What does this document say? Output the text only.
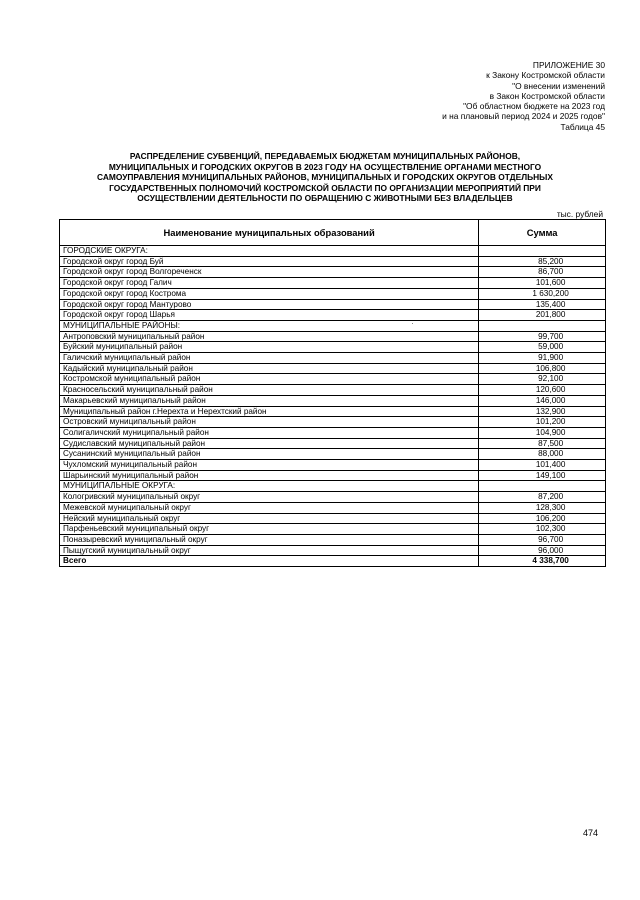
ПРИЛОЖЕНИЕ 30
к Закону Костромской области
"О внесении изменений
в Закон Костромской области
"Об областном бюджете на 2023 год
и на плановый период 2024 и 2025 годов"
Таблица 45
РАСПРЕДЕЛЕНИЕ СУБВЕНЦИЙ, ПЕРЕДАВАЕМЫХ БЮДЖЕТАМ МУНИЦИПАЛЬНЫХ РАЙОНОВ,
МУНИЦИПАЛЬНЫХ И ГОРОДСКИХ ОКРУГОВ В 2023 ГОДУ НА ОСУЩЕСТВЛЕНИЕ ОРГАНАМИ МЕСТНОГО
САМОУПРАВЛЕНИЯ МУНИЦИПАЛЬНЫХ РАЙОНОВ, МУНИЦИПАЛЬНЫХ И ГОРОДСКИХ ОКРУГОВ ОТДЕЛЬНЫХ
ГОСУДАРСТВЕННЫХ ПОЛНОМОЧИЙ КОСТРОМСКОЙ ОБЛАСТИ ПО ОРГАНИЗАЦИИ МЕРОПРИЯТИЙ ПРИ
ОСУЩЕСТВЛЕНИИ ДЕЯТЕЛЬНОСТИ ПО ОБРАЩЕНИЮ С ЖИВОТНЫМИ БЕЗ ВЛАДЕЛЬЦЕВ
тыс. рублей
Наименование муниципальных образований	Сумма
ГОРОДСКИЕ ОКРУГА:	
Городской округ город Буй	85,200
Городской округ город Волгореченск	86,700
Городской округ город Галич	101,600
Городской округ город Кострома	1 630,200
Городской округ город Мантурово	135,400
Городской округ город Шарья	201,800
МУНИЦИПАЛЬНЫЕ РАЙОНЫ:	
Антроповский муниципальный район	99,700
Буйский муниципальный район	59,000
Галичский муниципальный район	91,900
Кадыйский муниципальный район	106,800
Костромской муниципальный район	92,100
Красносельский муниципальный район	120,600
Макарьевский муниципальный район	146,000
Муниципальный район г.Нерехта и Нерехтский район	132,900
Островский муниципальный район	101,200
Солигаличский муниципальный район	104,900
Судиславский муниципальный район	87,500
Сусанинский муниципальный район	88,000
Чухломский муниципальный район	101,400
Шарьинский муниципальный район	149,100
МУНИЦИПАЛЬНЫЕ ОКРУГА:	
Кологривский муниципальный округ	87,200
Межевской муниципальный округ	128,300
Нейский муниципальный округ	106,200
Парфеньевский муниципальный округ	102,300
Поназыревский муниципальный округ	96,700
Пыщугский муниципальный округ	96,000
Всего	4 338,700
474
